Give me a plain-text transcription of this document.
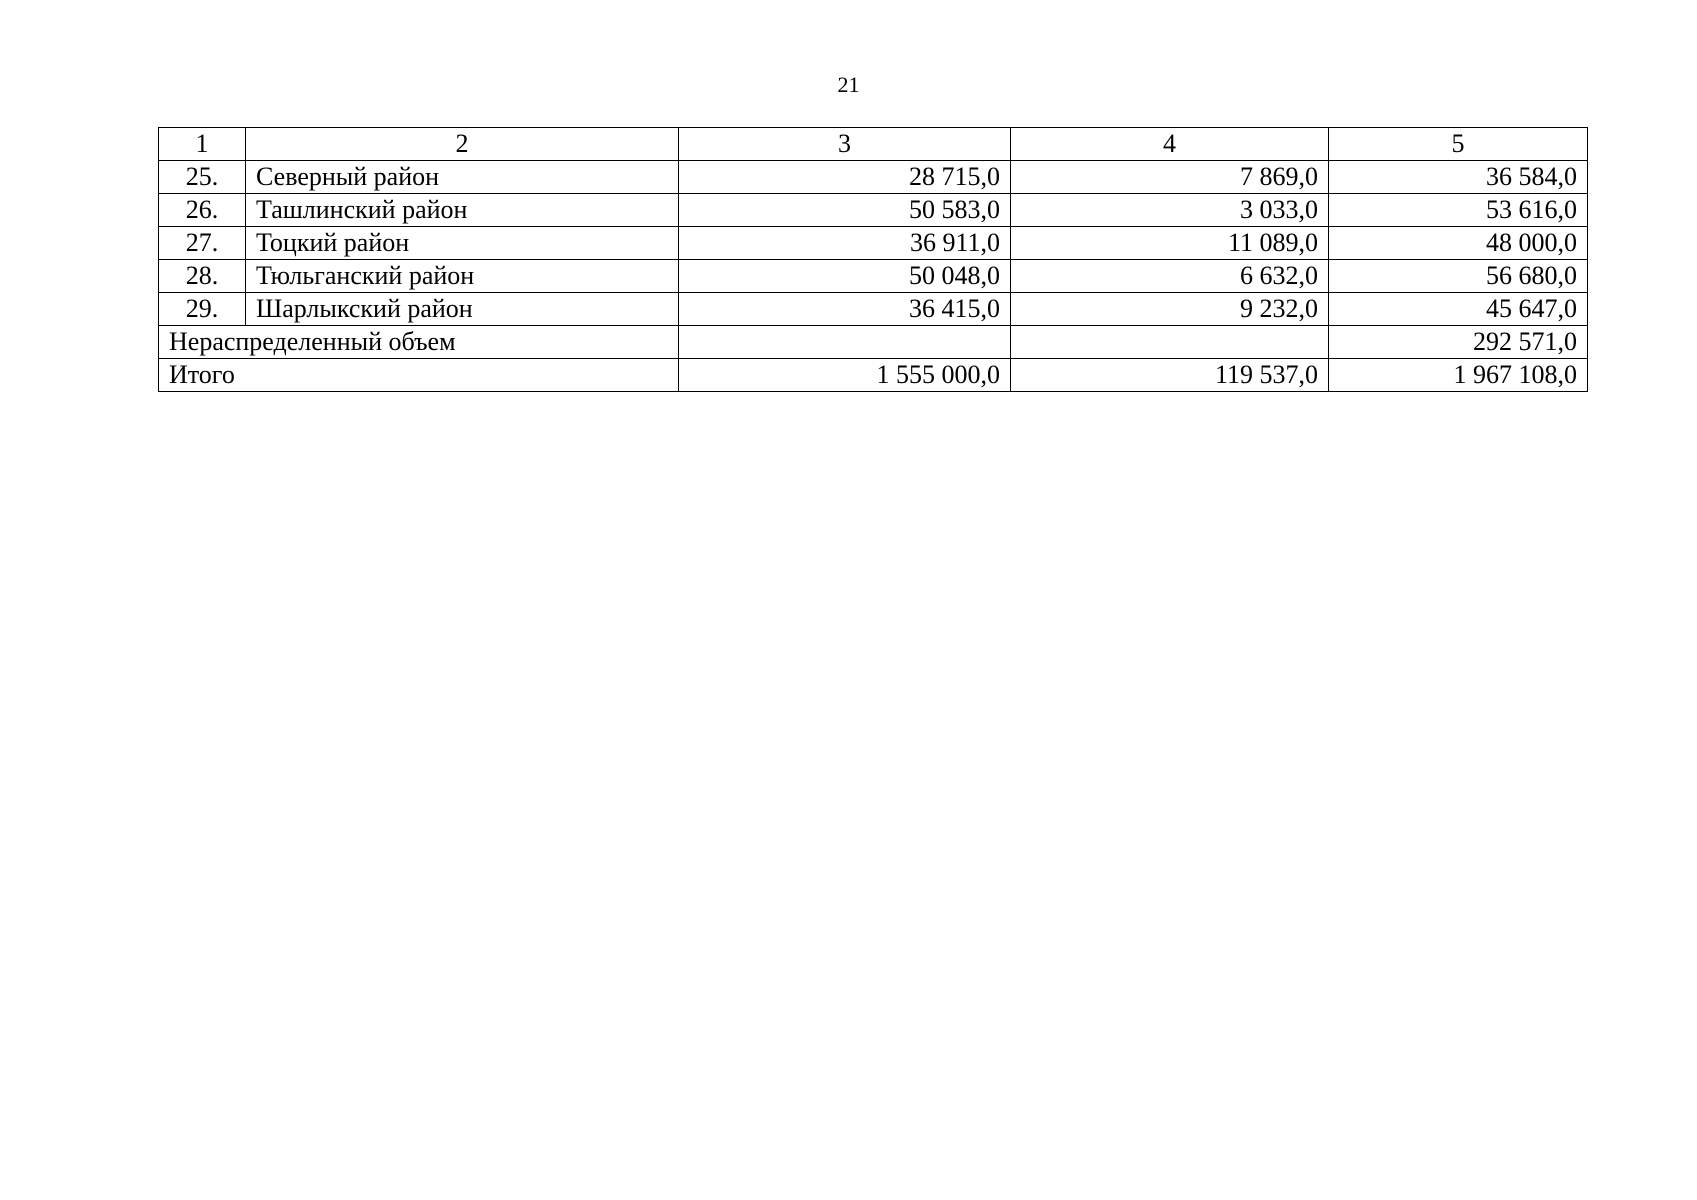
21
1	2	3	4	5
25.	Северный район	28 715,0	7 869,0	36 584,0
26.	Ташлинский район	50 583,0	3 033,0	53 616,0
27.	Тоцкий район	36 911,0	11 089,0	48 000,0
28.	Тюльганский район	50 048,0	6 632,0	56 680,0
29.	Шарлыкский район	36 415,0	9 232,0	45 647,0
Нераспределенный объем				292 571,0
Итого		1 555 000,0	119 537,0	1 967 108,0
